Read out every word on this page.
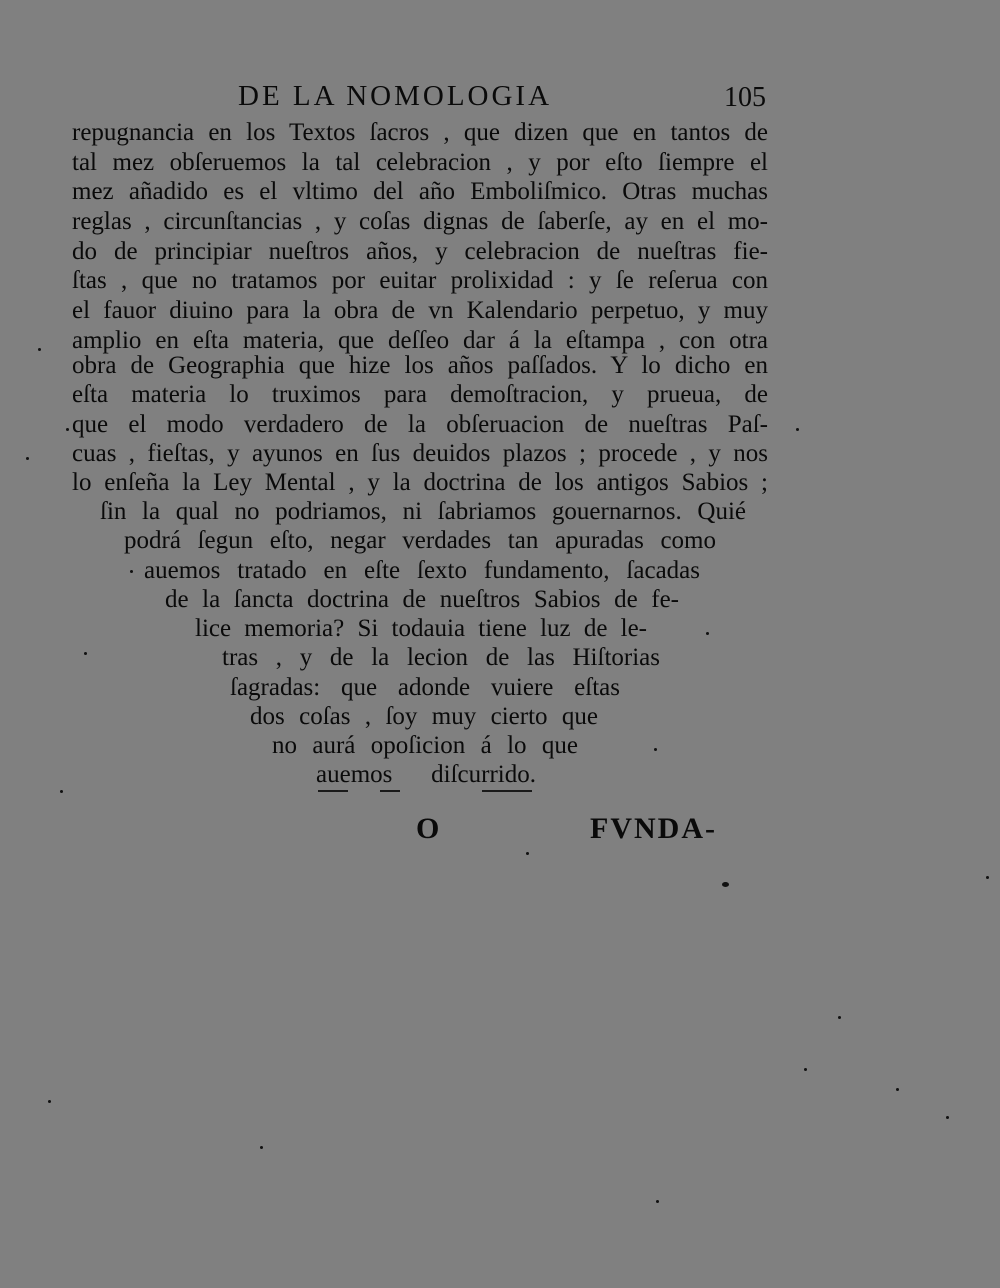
DE LA NOMOLOGIA	105
repugnancia en los Textos ſacros , que dizen que en tantos de
tal mez obſeruemos la tal celebracion , y por eſto ſiempre el
mez añadido es el vltimo del año Emboliſmico. Otras muchas
reglas , circunſtancias , y coſas dignas de ſaberſe, ay en el mo-
do de principiar nueſtros años, y celebracion de nueſtras fie-
ſtas , que no tratamos por euitar prolixidad : y ſe reſerua con
el fauor diuino para la obra de vn Kalendario perpetuo, y muy
amplio en eſta materia, que deſſeo dar á la eſtampa , con otra
obra de Geographia que hize los años paſſados. Y lo dicho en
eſta materia lo truximos para demoſtracion, y prueua, de
que el modo verdadero de la obſeruacion de nueſtras Paſ-
cuas , fieſtas, y ayunos en ſus deuidos plazos ; procede , y nos
lo enſeña la Ley Mental , y la doctrina de los antigos Sabios ;
ſin la qual no podriamos, ni ſabriamos gouernarnos. Quié
podrá ſegun eſto, negar verdades tan apuradas como
auemos tratado en eſte ſexto fundamento, ſacadas
de la ſancta doctrina de nueſtros Sabios de fe-
lice memoria? Si todauia tiene luz de le-
tras , y de la lecion de las Hiſtorias
ſagradas: que adonde vuiere eſtas
dos coſas , ſoy muy cierto que
no aurá opoſicion á lo que
auemos diſcurrido.
O	FVNDA-
